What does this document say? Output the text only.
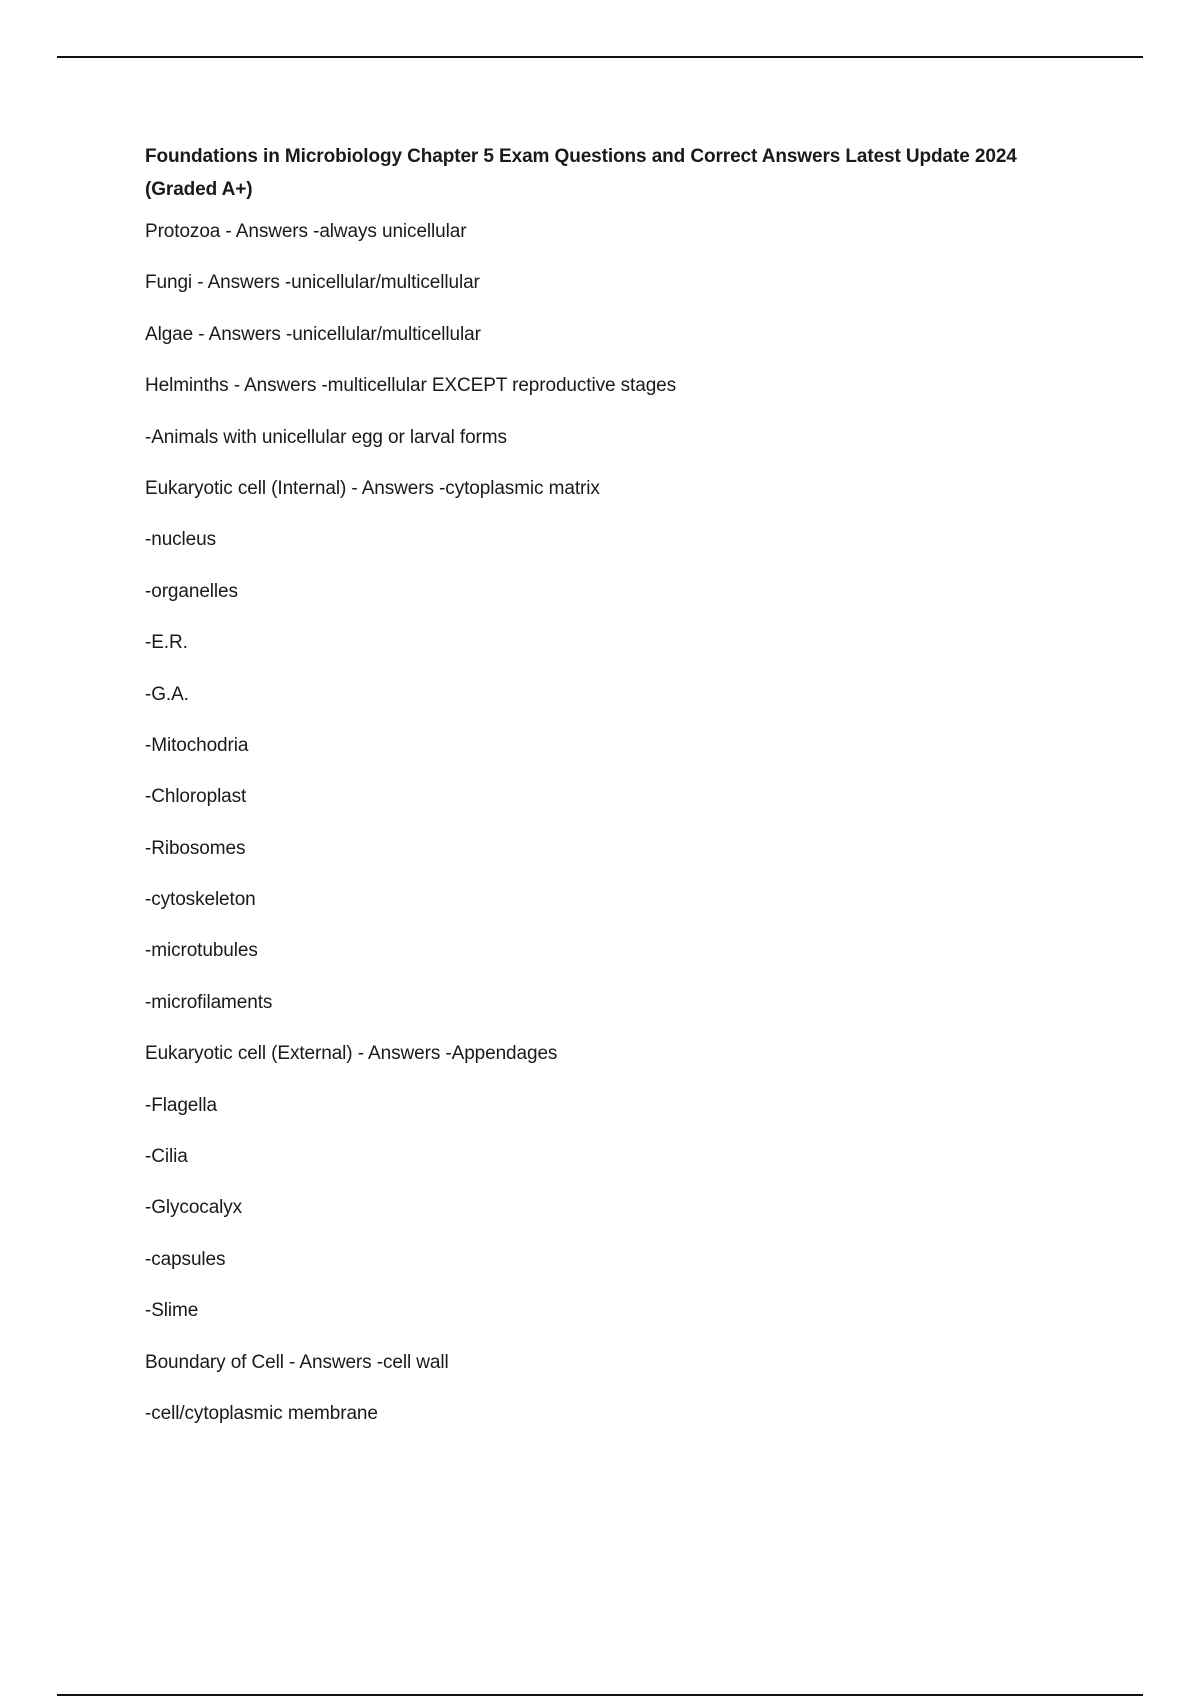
Foundations in Microbiology Chapter 5 Exam Questions and Correct Answers Latest Update 2024 (Graded A+)
Protozoa - Answers -always unicellular
Fungi - Answers -unicellular/multicellular
Algae - Answers -unicellular/multicellular
Helminths - Answers -multicellular EXCEPT reproductive stages
-Animals with unicellular egg or larval forms
Eukaryotic cell (Internal) - Answers -cytoplasmic matrix
-nucleus
-organelles
-E.R.
-G.A.
-Mitochodria
-Chloroplast
-Ribosomes
-cytoskeleton
-microtubules
-microfilaments
Eukaryotic cell (External) - Answers -Appendages
-Flagella
-Cilia
-Glycocalyx
-capsules
-Slime
Boundary of Cell - Answers -cell wall
-cell/cytoplasmic membrane
